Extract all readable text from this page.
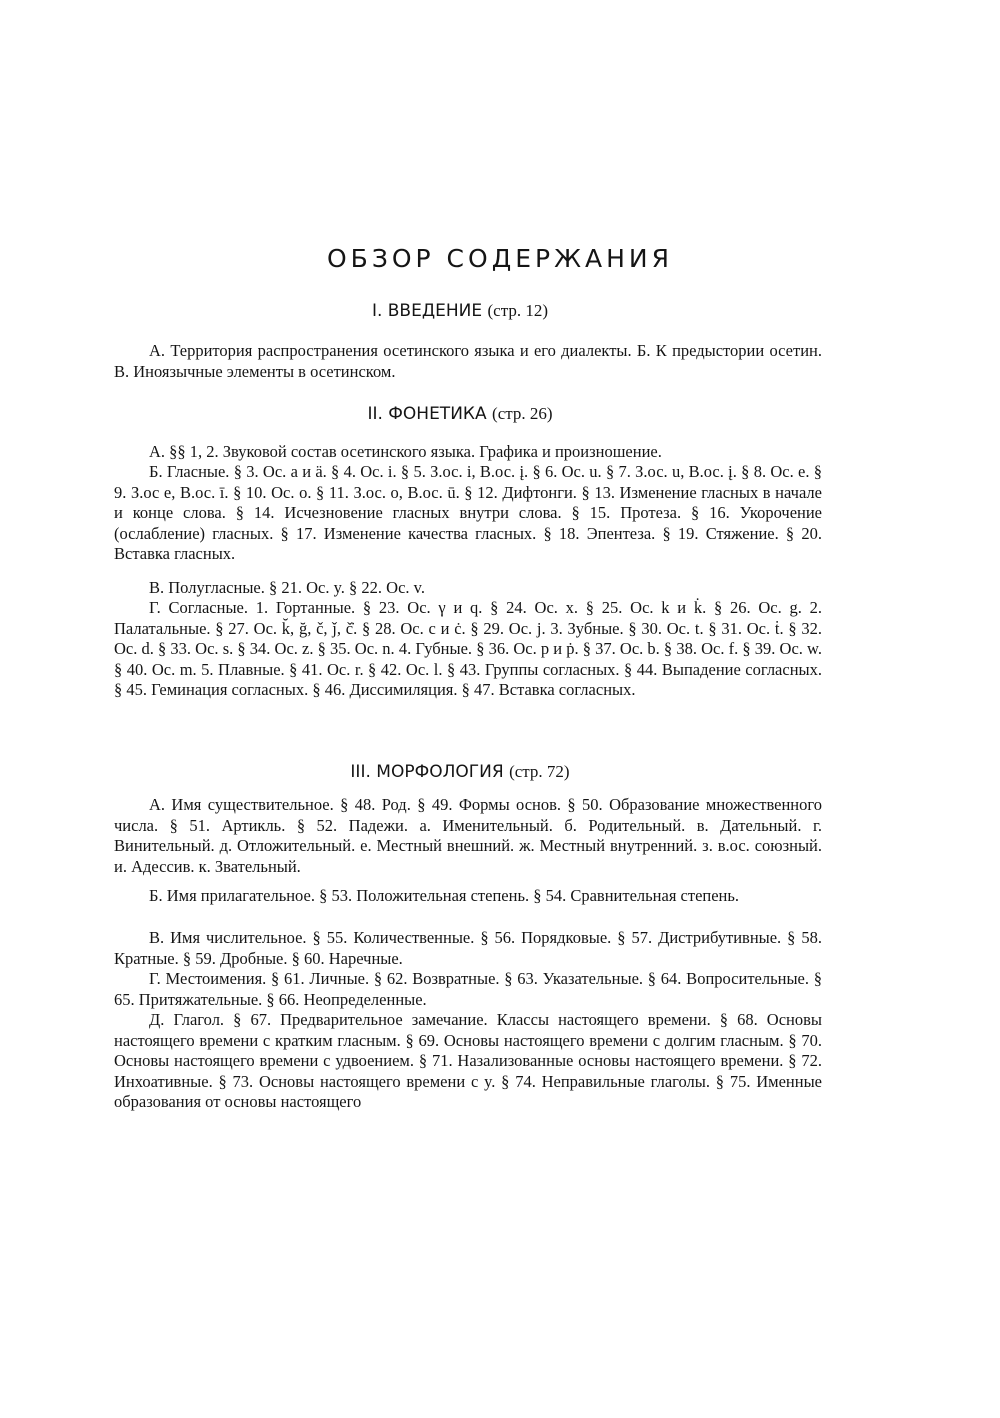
ОБЗОР СОДЕРЖАНИЯ
I. ВВЕДЕНИЕ (стр. 12)

А. Территория распространения осетинского языка и его диалекты. Б. К предыстории осетин. В. Иноязычные элементы в осетинском.

II. ФОНЕТИКА (стр. 26)

А. §§ 1, 2. Звуковой состав осетинского языка. Графика и произношение.

Б. Гласные. § 3. Ос. a и ä. § 4. Ос. i. § 5. З.ос. i, В.ос. į. § 6. Ос. u. § 7. З.ос. u, В.ос. į. § 8. Ос. e. § 9. З.ос e, В.ос. ī. § 10. Ос. o. § 11. З.ос. o, В.ос. ū. § 12. Дифтонги. § 13. Изменение гласных в начале и конце слова. § 14. Исчезновение гласных внутри слова. § 15. Протеза. § 16. Укорочение (ослабление) гласных. § 17. Изменение качества гласных. § 18. Эпентеза. § 19. Стяжение. § 20. Вставка гласных.

В. Полугласные. § 21. Ос. y. § 22. Ос. v.

Г. Согласные. 1. Гортанные. § 23. Ос. γ и q. § 24. Ос. x. § 25. Ос. k и k̇. § 26. Ос. g. 2. Палатальные. § 27. Ос. k̆, ğ, č, ǰ, č̇. § 28. Ос. c и ċ. § 29. Ос. j. 3. Зубные. § 30. Ос. t. § 31. Ос. ṫ. § 32. Ос. d. § 33. Ос. s. § 34. Ос. z. § 35. Ос. n. 4. Губные. § 36. Ос. p и ṗ. § 37. Ос. b. § 38. Ос. f. § 39. Ос. w. § 40. Ос. m. 5. Плавные. § 41. Ос. r. § 42. Ос. l. § 43. Группы согласных. § 44. Выпадение согласных. § 45. Геминация согласных. § 46. Диссимиляция. § 47. Вставка согласных.

III. МОРФОЛОГИЯ (стр. 72)

А. Имя существительное. § 48. Род. § 49. Формы основ. § 50. Образование множественного числа. § 51. Артикль. § 52. Падежи. а. Именительный. б. Родительный. в. Дательный. г. Винительный. д. Отложительный. е. Местный внешний. ж. Местный внутренний. з. в.ос. союзный. и. Адессив. к. Звательный.

Б. Имя прилагательное. § 53. Положительная степень. § 54. Сравнительная степень.

В. Имя числительное. § 55. Количественные. § 56. Порядковые. § 57. Дистрибутивные. § 58. Кратные. § 59. Дробные. § 60. Наречные.

Г. Местоимения. § 61. Личные. § 62. Возвратные. § 63. Указательные. § 64. Вопросительные. § 65. Притяжательные. § 66. Неопределенные.

Д. Глагол. § 67. Предварительное замечание. Классы настоящего времени. § 68. Основы настоящего времени с кратким гласным. § 69. Основы настоящего времени с долгим гласным. § 70. Основы настоящего времени с удвоением. § 71. Назализованные основы настоящего времени. § 72. Инхоативные. § 73. Основы настоящего времени с y. § 74. Неправильные глаголы. § 75. Именные образования от основы настоящего
